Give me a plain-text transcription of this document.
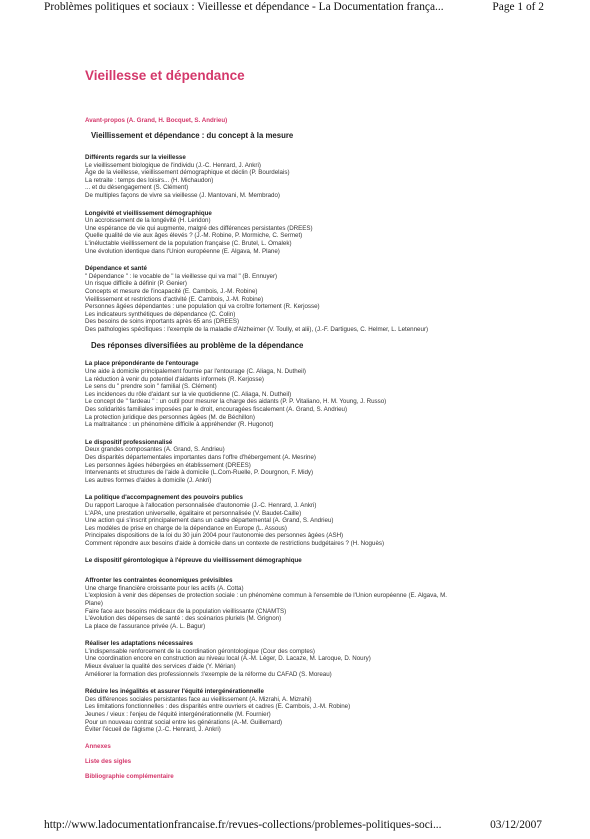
Problèmes politiques et sociaux : Vieillesse et dépendance - La Documentation frança...	Page 1 of 2
Vieillesse et dépendance
Avant-propos (A. Grand, H. Bocquet, S. Andrieu)
Vieillissement et dépendance : du concept à la mesure
Différents regards sur la vieillesse
Le vieillissement biologique de l'individu (J.-C. Henrard, J. Ankri)
Âge de la vieillesse, vieillissement démographique et déclin (P. Bourdelais)
La retraite : temps des loisirs... (H. Michaudon)
... et du désengagement (S. Clément)
De multiples façons de vivre sa vieillesse (J. Mantovani, M. Membrado)
Longévité et vieillissement démographique
Un accroissement de la longévité (H. Leridon)
Une espérance de vie qui augmente, malgré des différences persistantes (DREES)
Quelle qualité de vie aux âges élevés ? (J.-M. Robine, P. Mormiche, C. Sermet)
L'inéluctable vieillissement de la population française (C. Brutel, L. Omalek)
Une évolution identique dans l'Union européenne (E. Algava, M. Plane)
Dépendance et santé
" Dépendance " : le vocable de " la vieillesse qui va mal " (B. Ennuyer)
Un risque difficile à définir (P. Genier)
Concepts et mesure de l'incapacité (E. Cambois, J.-M. Robine)
Vieillissement et restrictions d'activité (E. Cambois, J.-M. Robine)
Personnes âgées dépendantes : une population qui va croître fortement (R. Kerjosse)
Les indicateurs synthétiques de dépendance (C. Colin)
Des besoins de soins importants après 65 ans (DREES)
Des pathologies spécifiques : l'exemple de la maladie d'Alzheimer (V. Toully, et alii), (J.-F. Dartigues, C. Helmer, L. Letenneur)
Des réponses diversifiées au problème de la dépendance
La place prépondérante de l'entourage
Une aide à domicile principalement fournie par l'entourage (C. Aliaga, N. Dutheil)
La réduction à venir du potentiel d'aidants informels (R. Kerjosse)
Le sens du " prendre soin " familial (S. Clément)
Les incidences du rôle d'aidant sur la vie quotidienne (C. Aliaga, N. Dutheil)
Le concept de " fardeau " : un outil pour mesurer la charge des aidants (P. P. Vitaliano, H. M. Young, J. Russo)
Des solidarités familiales imposées par le droit, encouragées fiscalement (A. Grand, S. Andrieu)
La protection juridique des personnes âgées (M. de Béchillon)
La maltraitance : un phénomène difficile à appréhender (R. Hugonot)
Le dispositif professionnalisé
Deux grandes composantes (A. Grand, S. Andrieu)
Des disparités départementales importantes dans l'offre d'hébergement (A. Mesrine)
Les personnes âgées hébergées en établissement (DREES)
Intervenants et structures de l'aide à domicile (L.Com-Ruelle, P. Dourgnon, F. Midy)
Les autres formes d'aides à domicile (J. Ankri)
La politique d'accompagnement des pouvoirs publics
Du rapport Laroque à l'allocation personnalisée d'autonomie (J.-C. Henrard, J. Ankri)
L'APA, une prestation universelle, égalitaire et personnalisée (V. Baudet-Caille)
Une action qui s'inscrit principalement dans un cadre départemental (A. Grand, S. Andrieu)
Les modèles de prise en charge de la dépendance en Europe (L. Assous)
Principales dispositions de la loi du 30 juin 2004 pour l'autonomie des personnes âgées (ASH)
Comment répondre aux besoins d'aide à domicile dans un contexte de restrictions budgétaires ? (H. Noguès)
Le dispositif gérontologique à l'épreuve du vieillissement démographique
Affronter les contraintes économiques prévisibles
Une charge financière croissante pour les actifs (A. Cotta)
L'explosion à venir des dépenses de protection sociale : un phénomène commun à l'ensemble de l'Union européenne (E. Algava, M.
Plane)
Faire face aux besoins médicaux de la population vieillissante (CNAMTS)
L'évolution des dépenses de santé : des scénarios pluriels (M. Grignon)
La place de l'assurance privée (A. L. Bagur)
Réaliser les adaptations nécessaires
L'indispensable renforcement de la coordination gérontologique (Cour des comptes)
Une coordination encore en construction au niveau local (A.-M. Léger, D. Lacaze, M. Laroque, D. Noury)
Mieux évaluer la qualité des services d'aide (Y. Mérian)
Améliorer la formation des professionnels :l'exemple de la réforme du CAFAD (S. Moreau)
Réduire les inégalités et assurer l'équité intergénérationnelle
Des différences sociales persistantes face au vieillissement (A. Mizrahi, A. Mizrahi)
Les limitations fonctionnelles : des disparités entre ouvriers et cadres (E. Cambois, J.-M. Robine)
Jeunes / vieux : l'enjeu de l'équité intergénérationnelle (M. Fournier)
Pour un nouveau contrat social entre les générations (A.-M. Guillemard)
Éviter l'écueil de l'âgisme (J.-C. Henrard, J. Ankri)
Annexes
Liste des sigles
Bibliographie complémentaire
http://www.ladocumentationfrancaise.fr/revues-collections/problemes-politiques-soci...	03/12/2007
